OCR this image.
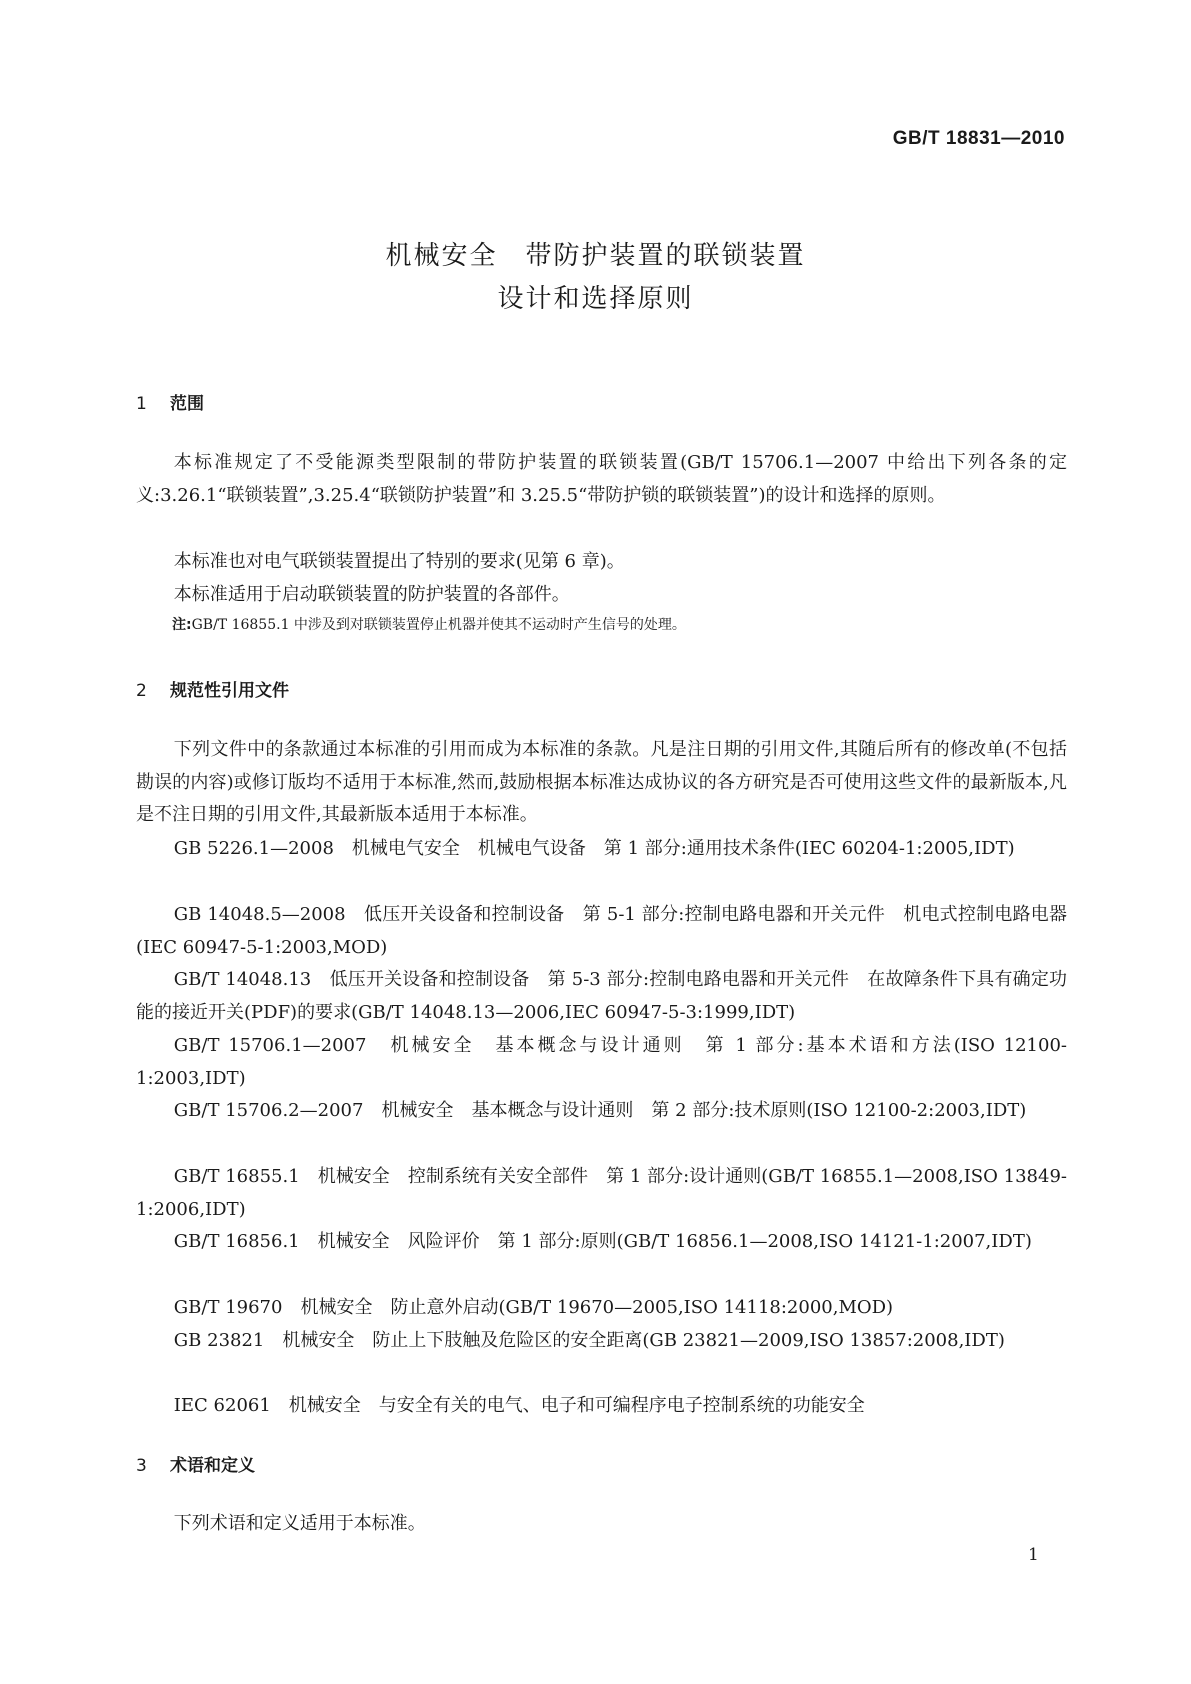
GB/T 18831—2010
机械安全　带防护装置的联锁装置
设计和选择原则
1 范围

本标准规定了不受能源类型限制的带防护装置的联锁装置(GB/T 15706.1—2007 中给出下列各条的定义:3.26.1“联锁装置”,3.25.4“联锁防护装置”和 3.25.5“带防护锁的联锁装置”)的设计和选择的原则。

本标准也对电气联锁装置提出了特别的要求(见第 6 章)。

本标准适用于启动联锁装置的防护装置的各部件。

注:GB/T 16855.1 中涉及到对联锁装置停止机器并使其不运动时产生信号的处理。
2 规范性引用文件

下列文件中的条款通过本标准的引用而成为本标准的条款。凡是注日期的引用文件,其随后所有的修改单(不包括勘误的内容)或修订版均不适用于本标准,然而,鼓励根据本标准达成协议的各方研究是否可使用这些文件的最新版本,凡是不注日期的引用文件,其最新版本适用于本标准。

GB 5226.1—2008　机械电气安全　机械电气设备　第 1 部分:通用技术条件(IEC 60204-1:2005,IDT)

GB 14048.5—2008　低压开关设备和控制设备　第 5-1 部分:控制电路电器和开关元件　机电式控制电路电器(IEC 60947-5-1:2003,MOD)

GB/T 14048.13　低压开关设备和控制设备　第 5-3 部分:控制电路电器和开关元件　在故障条件下具有确定功能的接近开关(PDF)的要求(GB/T 14048.13—2006,IEC 60947-5-3:1999,IDT)

GB/T 15706.1—2007　机械安全　基本概念与设计通则　第 1 部分:基本术语和方法(ISO 12100-1:2003,IDT)

GB/T 15706.2—2007　机械安全　基本概念与设计通则　第 2 部分:技术原则(ISO 12100-2:2003,IDT)

GB/T 16855.1　机械安全　控制系统有关安全部件　第 1 部分:设计通则(GB/T 16855.1—2008,ISO 13849-1:2006,IDT)

GB/T 16856.1　机械安全　风险评价　第 1 部分:原则(GB/T 16856.1—2008,ISO 14121-1:2007,IDT)

GB/T 19670　机械安全　防止意外启动(GB/T 19670—2005,ISO 14118:2000,MOD)

GB 23821　机械安全　防止上下肢触及危险区的安全距离(GB 23821—2009,ISO 13857:2008,IDT)

IEC 62061　机械安全　与安全有关的电气、电子和可编程序电子控制系统的功能安全

3 术语和定义

下列术语和定义适用于本标准。

1
